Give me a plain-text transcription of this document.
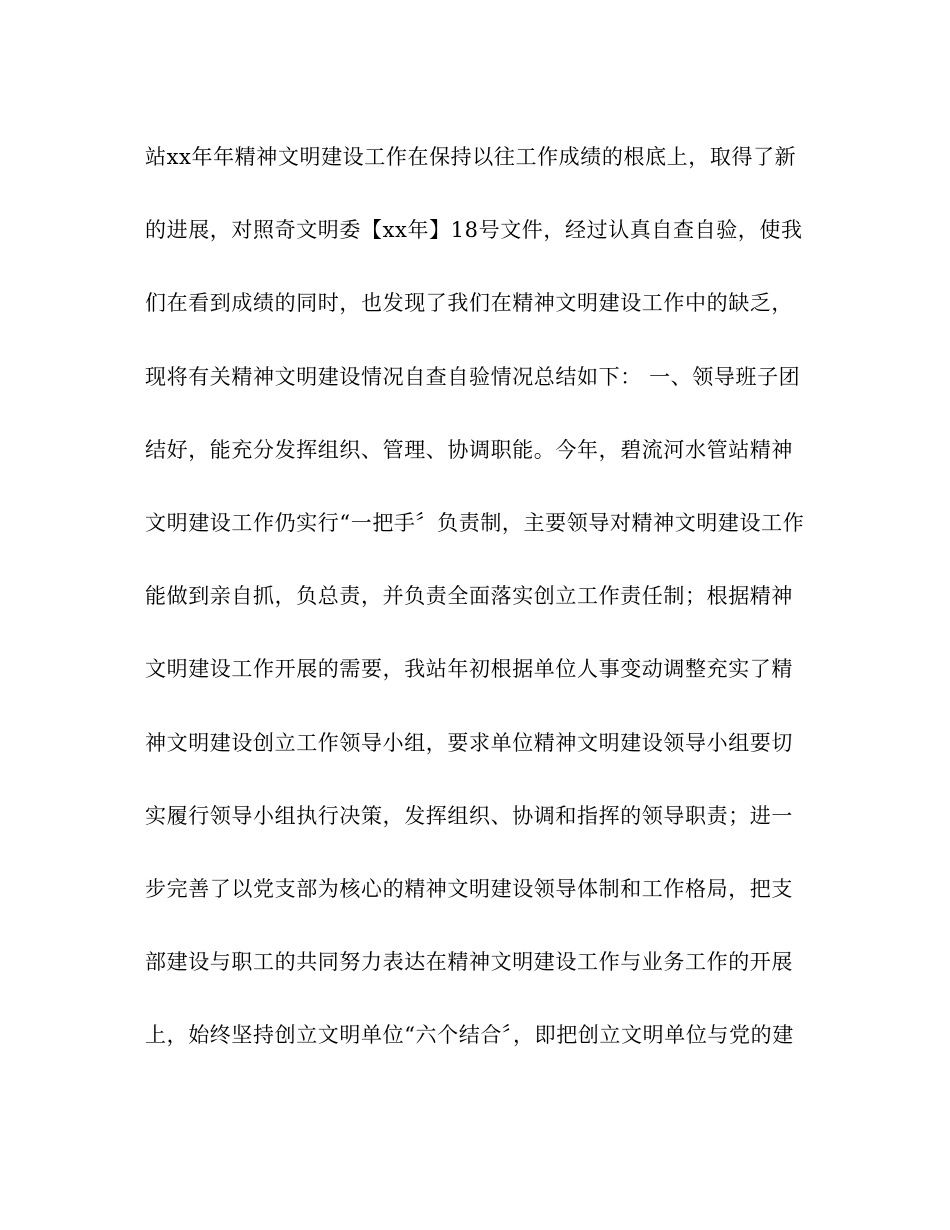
站xx年年精神文明建设工作在保持以往工作成绩的根底上，取得了新
的进展，对照奇文明委【xx年】18号文件，经过认真自查自验，使我
们在看到成绩的同时，也发现了我们在精神文明建设工作中的缺乏，
现将有关精神文明建设情况自查自验情况总结如下： 一、领导班子团
结好，能充分发挥组织、管理、协调职能。今年，碧流河水管站精神
文明建设工作仍实行“一把手〞负责制，主要领导对精神文明建设工作
能做到亲自抓，负总责，并负责全面落实创立工作责任制；根据精神
文明建设工作开展的需要，我站年初根据单位人事变动调整充实了精
神文明建设创立工作领导小组，要求单位精神文明建设领导小组要切
实履行领导小组执行决策，发挥组织、协调和指挥的领导职责；进一
步完善了以党支部为核心的精神文明建设领导体制和工作格局，把支
部建设与职工的共同努力表达在精神文明建设工作与业务工作的开展
上，始终坚持创立文明单位“六个结合〞，即把创立文明单位与党的建
